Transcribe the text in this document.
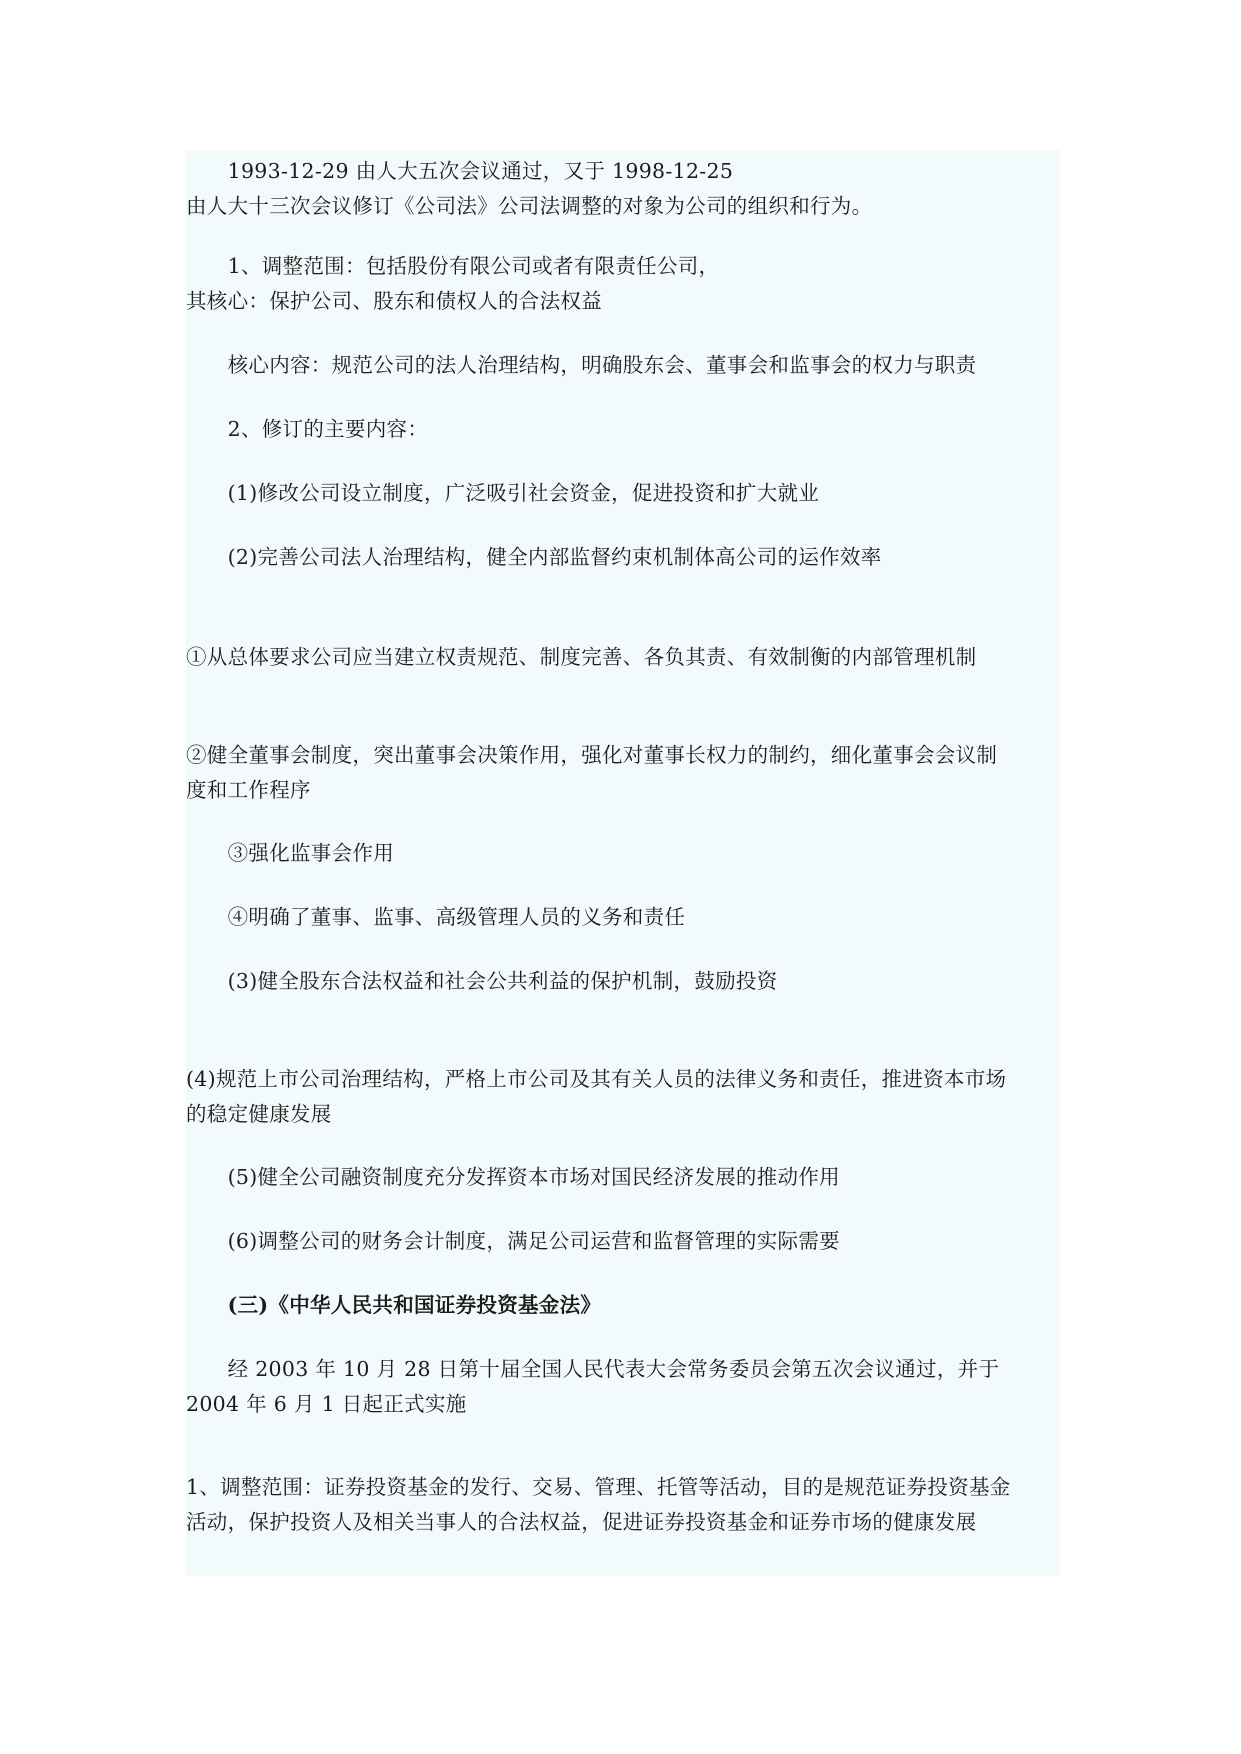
　　1993-12-29 由人大五次会议通过，又于 1998-12-25
由人大十三次会议修订《公司法》公司法调整的对象为公司的组织和行为。
　　1、调整范围：包括股份有限公司或者有限责任公司，
其核心：保护公司、股东和债权人的合法权益
　　核心内容：规范公司的法人治理结构，明确股东会、董事会和监事会的权力与职责
　　2、修订的主要内容：
　　(1)修改公司设立制度，广泛吸引社会资金，促进投资和扩大就业
　　(2)完善公司法人治理结构，健全内部监督约束机制体高公司的运作效率
①从总体要求公司应当建立权责规范、制度完善、各负其责、有效制衡的内部管理机制
②健全董事会制度，突出董事会决策作用，强化对董事长权力的制约，细化董事会会议制
度和工作程序
　　③强化监事会作用
　　④明确了董事、监事、高级管理人员的义务和责任
　　(3)健全股东合法权益和社会公共利益的保护机制，鼓励投资
(4)规范上市公司治理结构，严格上市公司及其有关人员的法律义务和责任，推进资本市场
的稳定健康发展
　　(5)健全公司融资制度充分发挥资本市场对国民经济发展的推动作用
　　(6)调整公司的财务会计制度，满足公司运营和监督管理的实际需要
　　(三)《中华人民共和国证券投资基金法》
　　经 2003 年 10 月 28 日第十届全国人民代表大会常务委员会第五次会议通过，并于
2004 年 6 月 1 日起正式实施
1、调整范围：证券投资基金的发行、交易、管理、托管等活动，目的是规范证券投资基金
活动，保护投资人及相关当事人的合法权益，促进证券投资基金和证券市场的健康发展
